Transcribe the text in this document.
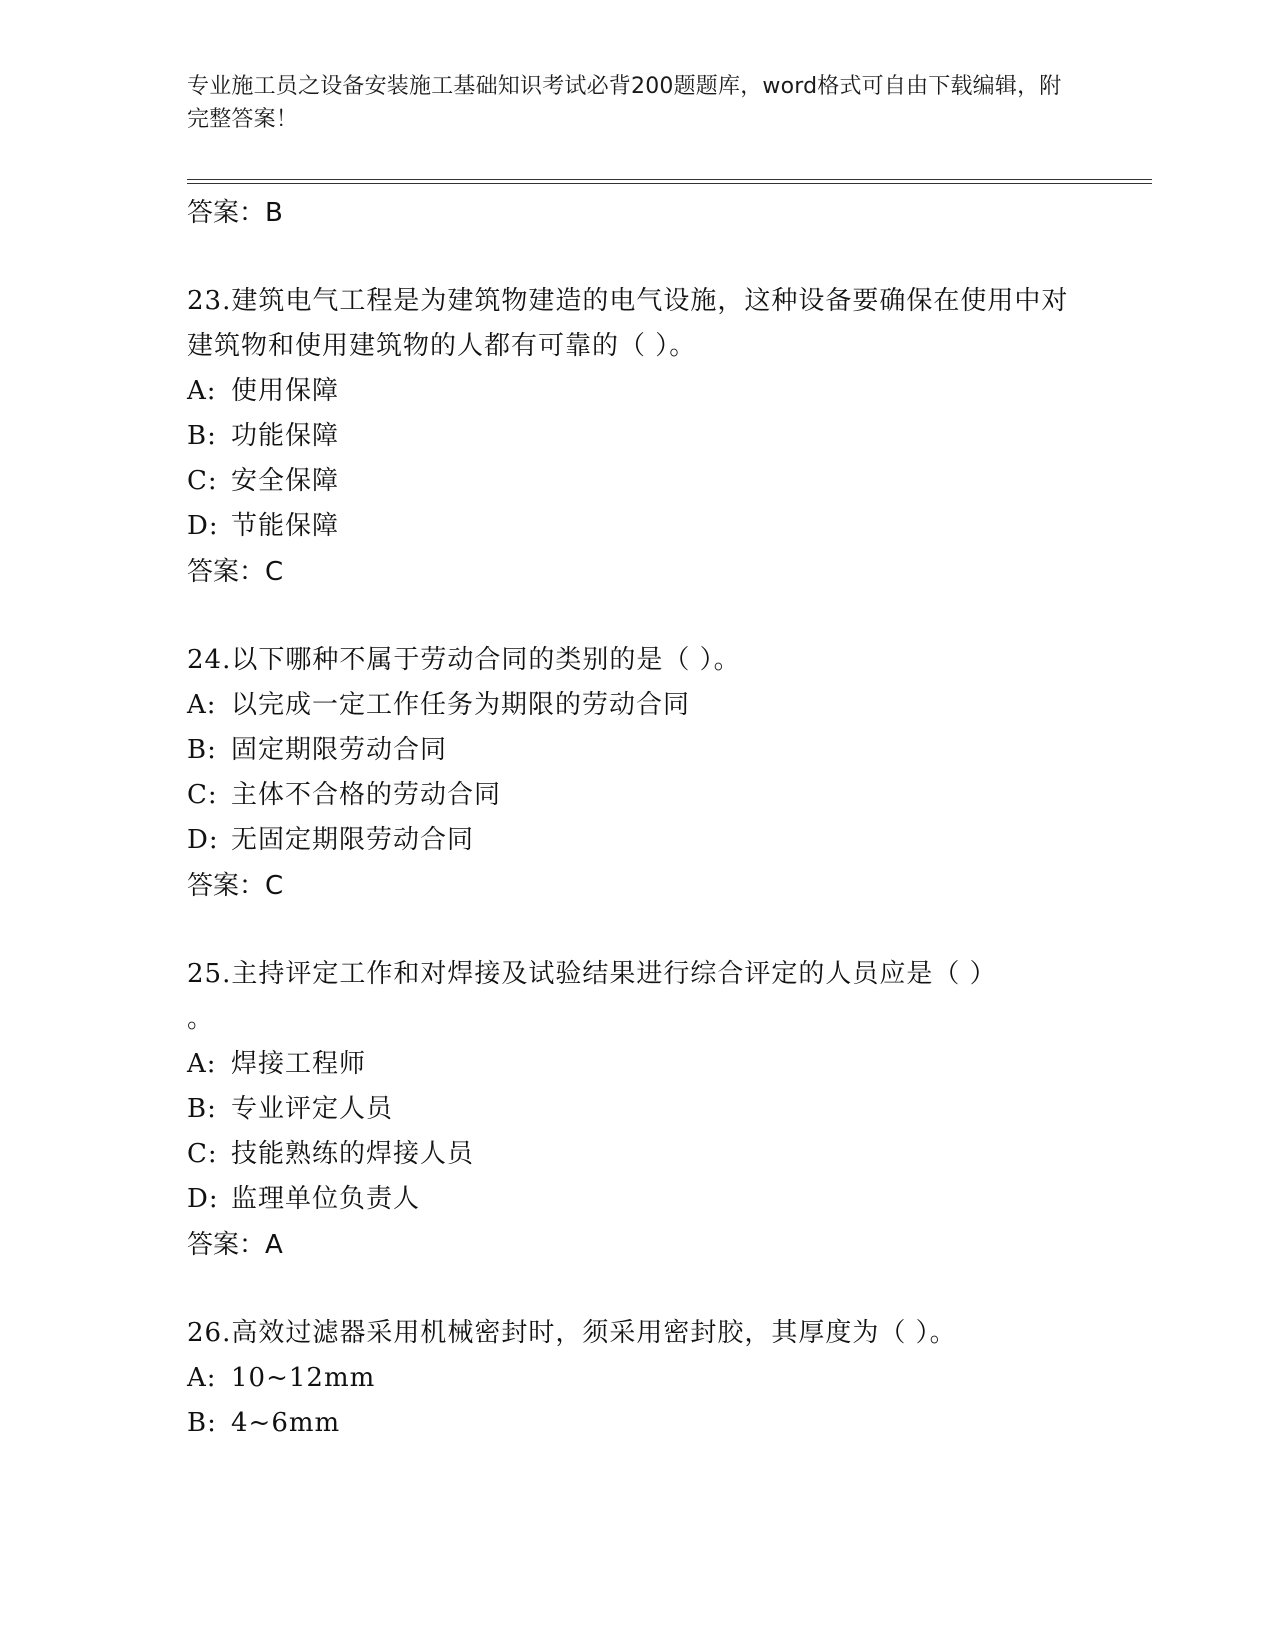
专业施工员之设备安装施工基础知识考试必背200题题库，word格式可自由下载编辑，附完整答案！

答案：B

23.建筑电气工程是为建筑物建造的电气设施，这种设备要确保在使用中对建筑物和使用建筑物的人都有可靠的（ ）。

A: 使用保障

B: 功能保障

C: 安全保障

D: 节能保障

答案：C

24.以下哪种不属于劳动合同的类别的是（ ）。

A: 以完成一定工作任务为期限的劳动合同

B: 固定期限劳动合同

C: 主体不合格的劳动合同

D: 无固定期限劳动合同

答案：C

25.主持评定工作和对焊接及试验结果进行综合评定的人员应是（ ）
。

A: 焊接工程师

B: 专业评定人员

C: 技能熟练的焊接人员

D: 监理单位负责人

答案：A

26.高效过滤器采用机械密封时，须采用密封胶，其厚度为（ ）。

A: 10~12mm

B: 4~6mm
